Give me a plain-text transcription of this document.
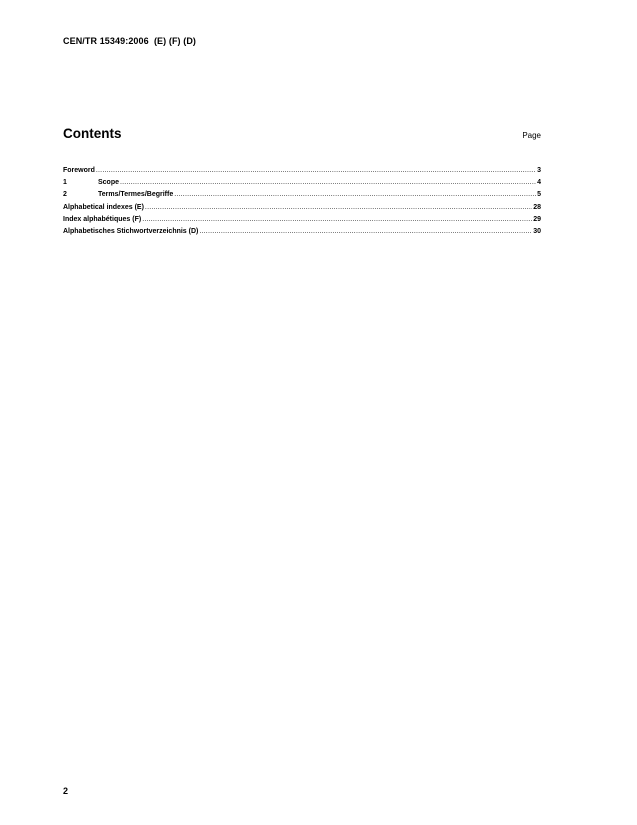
CEN/TR 15349:2006  (E) (F) (D)
Contents	Page
Foreword .....	3
1	Scope .....	4
2	Terms/Termes/Begriffe .....	5
Alphabetical indexes (E) .....	28
Index alphabétiques (F) .....	29
Alphabetisches Stichwortverzeichnis (D) .....	30
2
